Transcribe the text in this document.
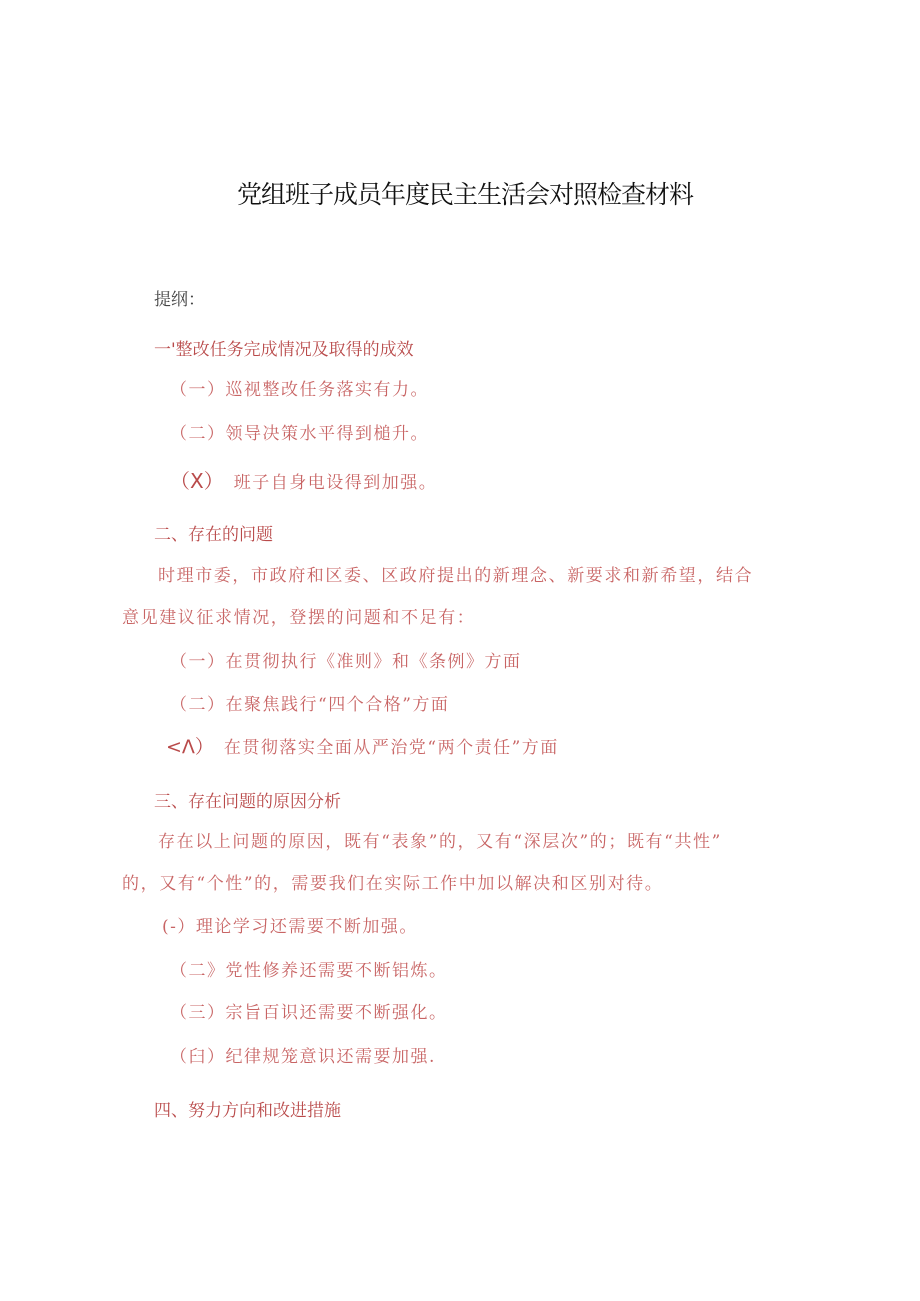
党组班子成员年度民主生活会对照检查材料
提纲：
一'整改任务完成情况及取得的成效
（一）巡视整改任务落实有力。
（二）领导决策水平得到槌升。
（X） 班子自身电设得到加强。
二、存在的问题
时理市委，市政府和区委、区政府提出的新理念、新要求和新希望，结合
意见建议征求情况，登摆的问题和不足有：
（一）在贯彻执行《准则》和《条例》方面
（二）在聚焦践行“四个合格”方面
<Λ） 在贯彻落实全面从严治党“两个责任”方面
三、存在问题的原因分析
存在以上问题的原因，既有“表象”的，又有“深层次”的；既有“共性”
的，又有“个性”的，需要我们在实际工作中加以解决和区别对待。
(-）理论学习还需要不断加强。
（二》党性修养还需要不断铝炼。
（三）宗旨百识还需要不断强化。
（臼）纪律规笼意识还需要加强.
四、努力方向和改进措施
